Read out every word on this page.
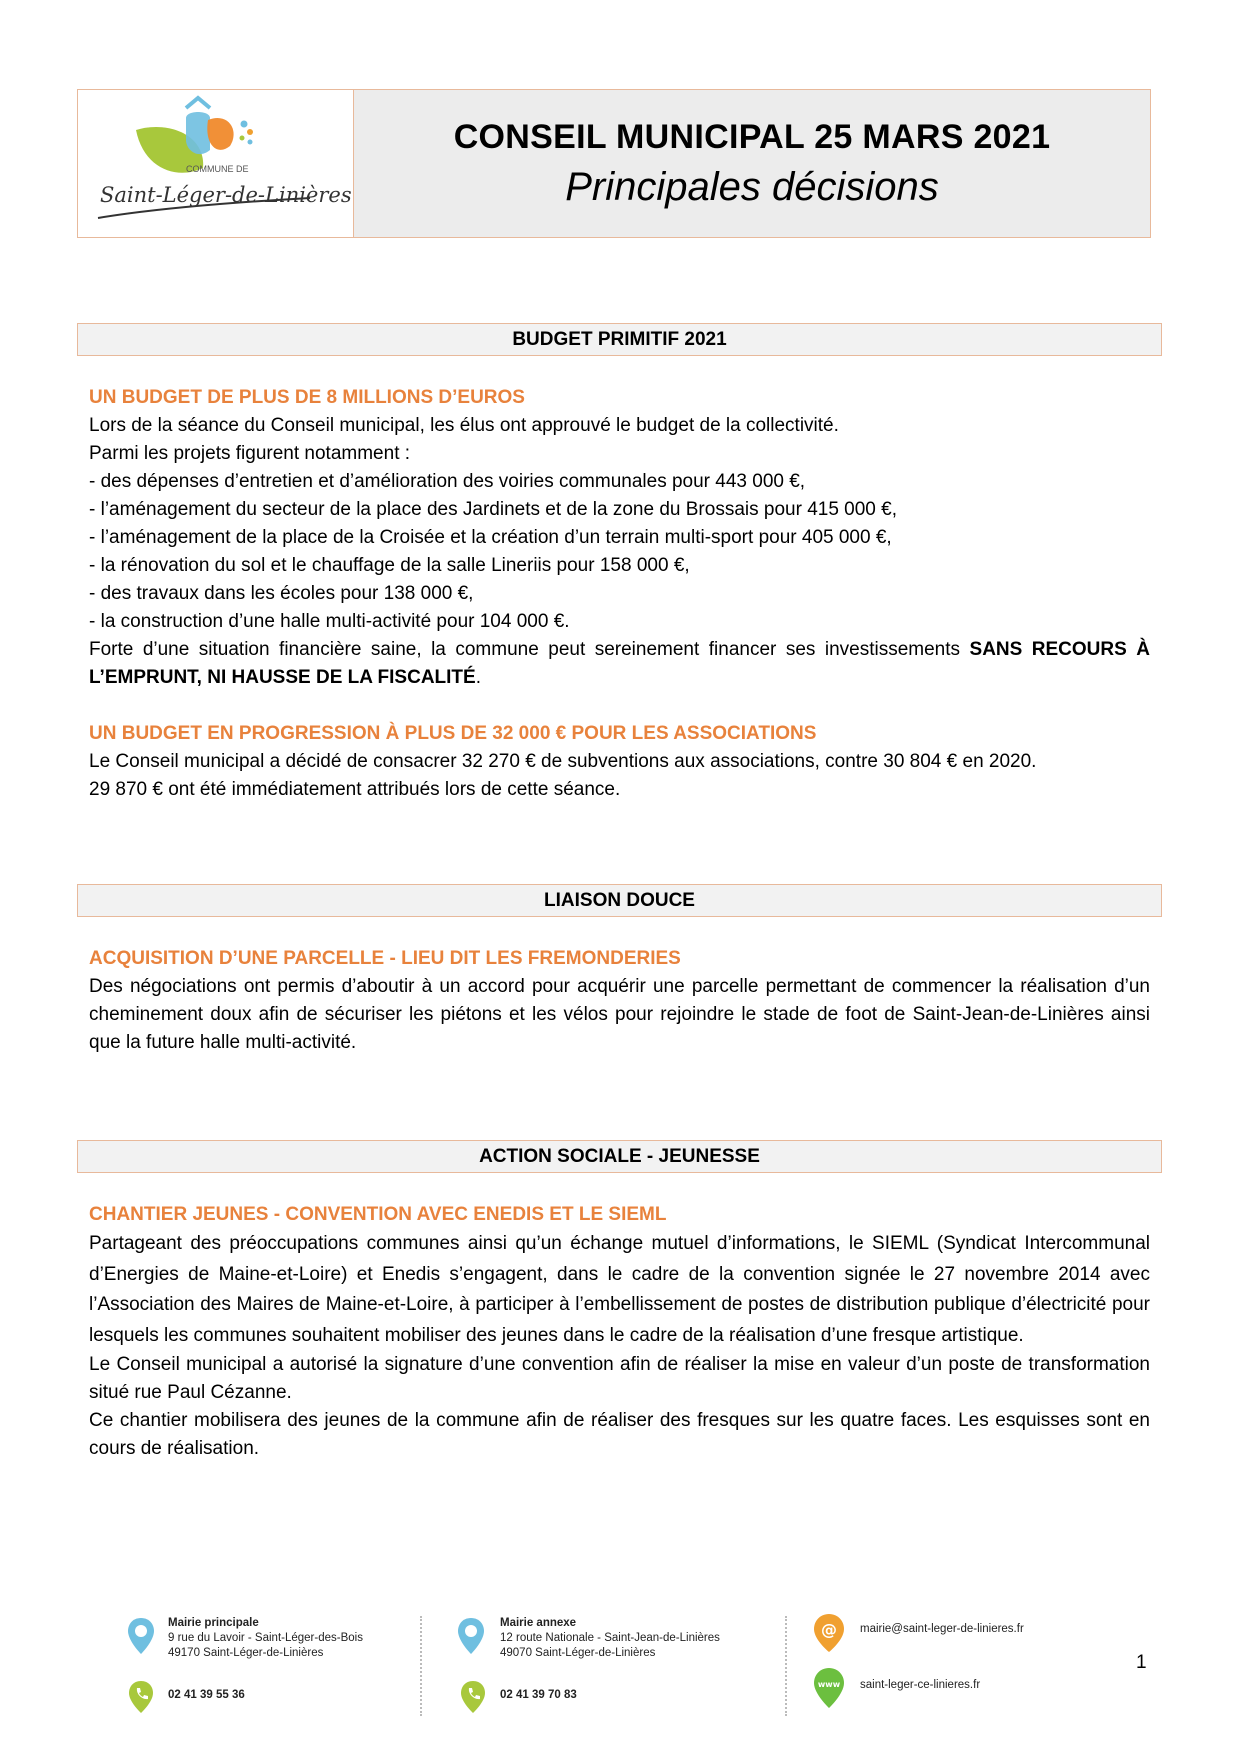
COMMUNE DE
Saint-Léger-de-Linières
CONSEIL MUNICIPAL 25 MARS 2021
Principales décisions
BUDGET PRIMITIF 2021
UN BUDGET DE PLUS DE 8 MILLIONS D’EUROS

Lors de la séance du Conseil municipal, les élus ont approuvé le budget de la collectivité.

Parmi les projets figurent notamment :

- des dépenses d’entretien et d’amélioration des voiries communales pour 443 000 €,

- l’aménagement du secteur de la place des Jardinets et de la zone du Brossais pour 415 000 €,

- l’aménagement de la place de la Croisée et la création d’un terrain multi-sport pour 405 000 €,

- la rénovation du sol et le chauffage de la salle Lineriis pour 158 000 €,

- des travaux dans les écoles pour 138 000 €,

- la construction d’une halle multi-activité pour 104 000 €.

Forte d’une situation financière saine, la commune peut sereinement financer ses investissements SANS RECOURS À L’EMPRUNT, NI HAUSSE DE LA FISCALITÉ.

UN BUDGET EN PROGRESSION À PLUS DE 32 000 € POUR LES ASSOCIATIONS

Le Conseil municipal a décidé de consacrer 32 270 € de subventions aux associations, contre 30 804 € en 2020.

29 870 € ont été immédiatement attribués lors de cette séance.

LIAISON DOUCE
ACQUISITION D’UNE PARCELLE - LIEU DIT LES FREMONDERIES

Des négociations ont permis d’aboutir à un accord pour acquérir une parcelle permettant de commencer la réalisation d’un cheminement doux afin de sécuriser les piétons et les vélos pour rejoindre le stade de foot de Saint-Jean-de-Linières ainsi que la future halle multi-activité.

ACTION SOCIALE - JEUNESSE
CHANTIER JEUNES - CONVENTION AVEC ENEDIS ET LE SIEML

Partageant des préoccupations communes ainsi qu’un échange mutuel d’informations, le SIEML (Syndicat Intercommunal d’Energies de Maine-et-Loire) et Enedis s’engagent, dans le cadre de la convention signée le 27 novembre 2014 avec l’Association des Maires de Maine-et-Loire, à participer à l’embellissement de postes de distribution publique d’électricité pour lesquels les communes souhaitent mobiliser des jeunes dans le cadre de la réalisation d’une fresque artistique.

Le Conseil municipal a autorisé la signature d’une convention afin de réaliser la mise en valeur d’un poste de transformation situé rue Paul Cézanne.

Ce chantier mobilisera des jeunes de la commune afin de réaliser des fresques sur les quatre faces. Les esquisses sont en cours de réalisation.

Mairie principale
9 rue du Lavoir - Saint-Léger-des-Bois
49170 Saint-Léger-de-Linières
02 41 39 55 36
Mairie annexe
12 route Nationale - Saint-Jean-de-Linières
49070 Saint-Léger-de-Linières
02 41 39 70 83
@ mairie@saint-leger-de-linieres.fr
www saint-leger-ce-linieres.fr
1
